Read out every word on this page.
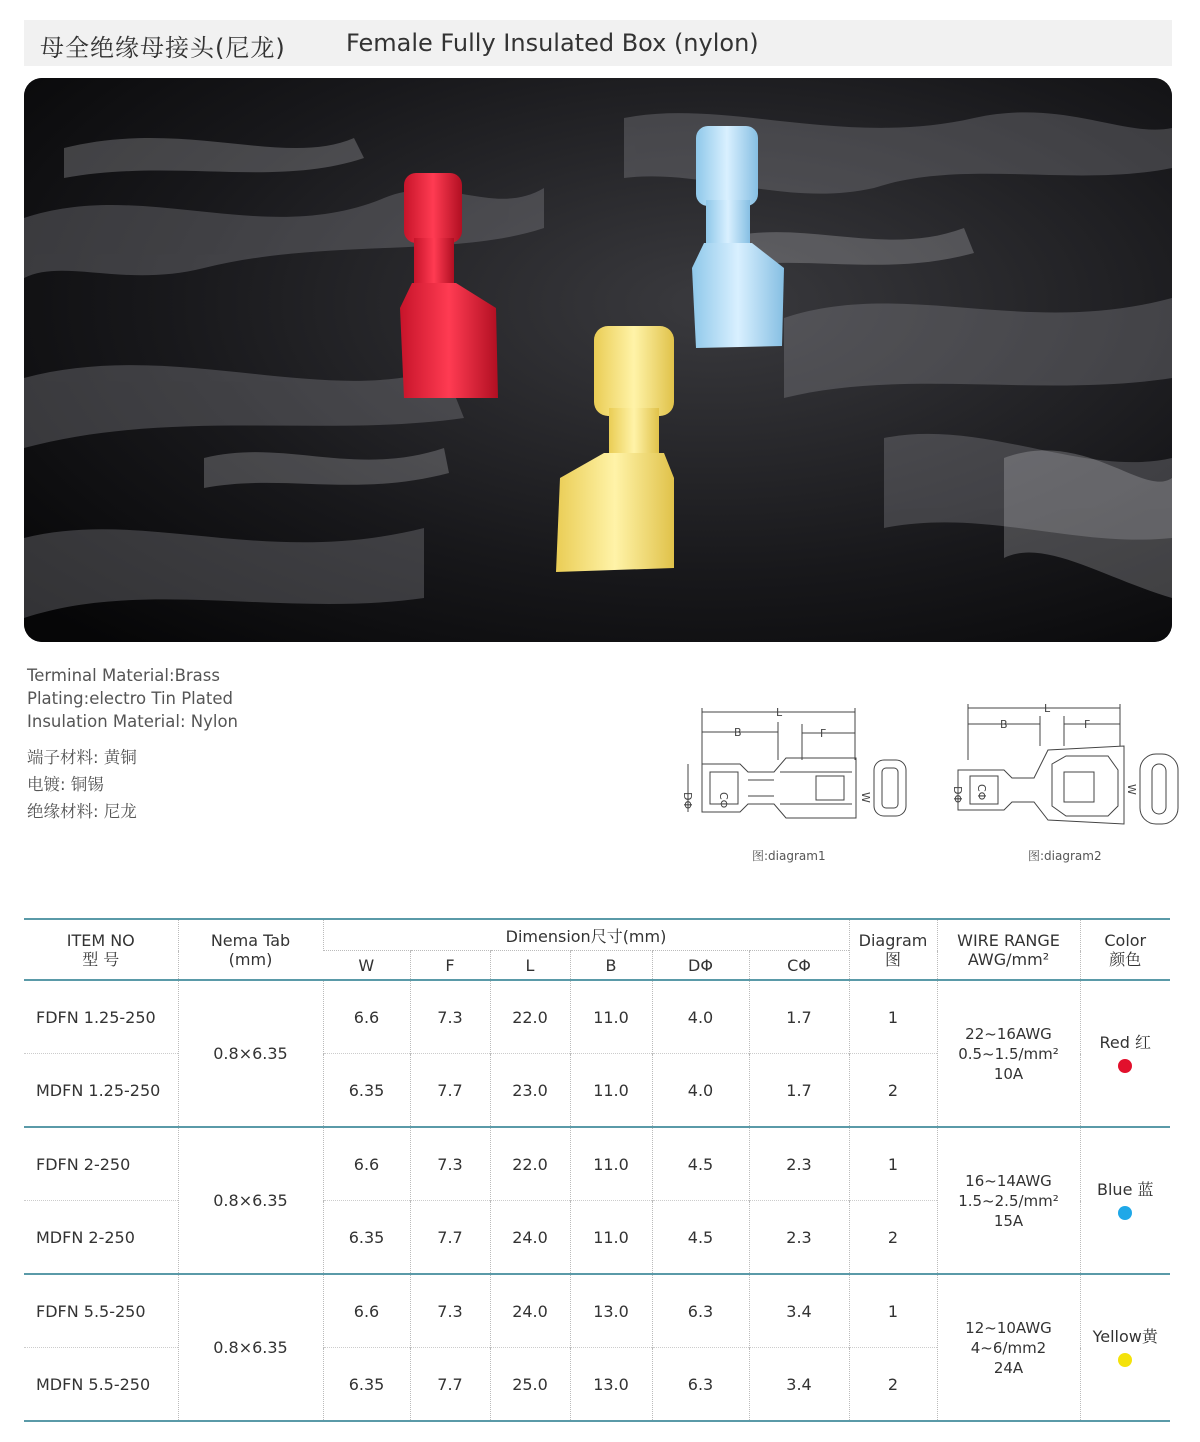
母全绝缘母接头(尼龙)	Female Fully Insulated Box (nylon)
Terminal Material:Brass
Plating:electro Tin Plated
Insulation Material: Nylon
端子材料: 黄铜
电镀: 铜锡
绝缘材料: 尼龙
L
B	F
DΦ CΦ	W
图:diagram1
L
B	F
DΦ CΦ	W
图:diagram2
ITEM NO
型 号	Nema Tab
(mm)	Dimension尺寸(mm)						Diagram
图	WIRE RANGE
AWG/mm²	Color
颜色

		W	F	L	B	DΦ	CΦ			
FDFN 1.25-250	0.8×6.35	6.6	7.3	22.0	11.0	4.0	1.7	1	22~16AWG
0.5~1.5/mm²
10A	Red 红

MDFN 1.25-250		6.35	7.7	23.0	11.0	4.0	1.7	2		
FDFN 2-250	0.8×6.35	6.6	7.3	22.0	11.0	4.5	2.3	1	16~14AWG
1.5~2.5/mm²
15A	Blue 蓝

MDFN 2-250		6.35	7.7	24.0	11.0	4.5	2.3	2		
FDFN 5.5-250	0.8×6.35	6.6	7.3	24.0	13.0	6.3	3.4	1	12~10AWG
4~6/mm2
24A	Yellow黄

MDFN 5.5-250		6.35	7.7	25.0	13.0	6.3	3.4	2		
